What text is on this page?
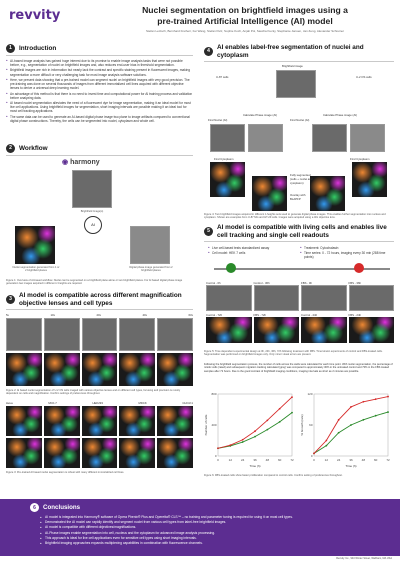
revvity	Nuclei segmentation on brightfield images using a
pre-trained Artificial Intelligence (AI) model
Stefan Letzsch, Bernhard Freiherr, Fei Wang, Stefan Pelz, Sophie Koch, Anjali Pol, Sascha Kucky, Stephanie Jansen, Jan Zeng, Alexander Schreiner
1	Introduction
● AI-based image analysis has gained huge interest due to its promise to enable image analysis tasks that were not possible before, e.g., segmentation of nuclei on brightfield images and, also reduces end-user bias in threshold segmentation.
● Brightfield images are rich in information but nearly lack the contrast and specific staining present in fluorescent images, making segmentation a more difficult or very challenging task for most image analysis software solutions.
● Here, we present data showing that a pre-trained model can segment nuclei on brightfield images with very good precision. The pre-training was done on several thousands of images from different immortalized cell lines acquired with different objective lenses to derive a universal deep learning model.
● An advantage of this method is that there is no need to invest time and computational power for AI training process and validation before analyzing data.
● AI based nuclei segmentation alleviates the need of a fluorescent dye for image segmentation, making it an ideal model for most live cell applications. Using brightfield images for segmentation, short imaging intervals are possible making it an ideal tool for most cell tracking applications.
● The same data can be used to generate an AI-based digital phase image two plane to image artifacts compared to conventional digital phase constructions. Thereby, the cells can be segmented into nuclei, cytoplasm and whole cell.
2	Workflow
◉ harmony
Brightfield Image(s)
AI
Nuclei segmentation generated from 1 or 2 brightfield planes
Digital phase image generated from 2 brightfield planes
Figure 1: Overview of AI-based workflow. Nuclei can be segmented on a brightfield plane alone or two brightfield planes. For AI based digital phase image generation two images acquired in different z-heights are required.
3	AI model is compatible across different magnification objective lenses and cell types
5x	10x	20x	40x	63x
Figure 2: AI based nuclei segmentation of U-2 OS cells imaged with various objective lenses and on different cell types, focusing and precision is mostly dependent on cells and magnification. Confirm settings of preferences throughout.
HeLa	MCF-7	HEK293	MDCK	CHO-K1
Figure 3: Pre-trained AI based nuclei segmentation is robust with many different immortalized cell lines.
4	AI enables label-free segmentation of nuclei and cytoplasm
U-87 cells
Brightfield image
U-2 OS cells
Calculate Phase image (AI)	Calculate Phase image (AI)
Find Nuclei (AI)	Find Nuclei (AI)
Find Cytoplasm	Find Cytoplasm
Fully segmented (cells + nuclei and cytoplasm)
Overlay with BLAPFP
Figure 4: Two brightfield images acquired in different z-heights sets used to generate digital phase images. This enables further segmentation into nucleus and cytoplasm. Shown are examples from U-87 MG and HT-29 cells. Images were acquired using a 40x objective lens.
5	AI model is compatible with living cells and enables live cell tracking and single cell readouts
● Live cell-based tests standardized assay
● Cell model: HEK 7 cells
● Treatment: Cytochalasin
● Time series: 0 - 72 hours, imaging every 30 min (288 time points)
Control - 0h	Control - 36h	FBS - 0h	FBS - 36h
Control - 72h	FBS - 72h	Control - 24h	FBS - 24h
Figure 5: Time dependent experimental design at 0h, 24h, 36h, 72h following treatment with FBS. Time kinetic experiments of control and FBS-treated cells. Segmentation was performed on brightfield images only. Only minor visual errors are present.
Following the brightfield segmentation process, the number of cells across the wells were calculated for each time point. With nuclei segmentation, the percentage of mitotic cells (rated) and subsequent migration tracking calculated (gray) was compared to approximately 30% in the untreated control and 70% in the FBS treated samples after 72 hours. Due to the good contrast of brightfield imaging conditions, imaging intervals as short as 2 minutes are possible.
0	12	24	36	48	60	72
0
400
800
Time (h)
Number of cells
0	12	24	36	48	60	72
0
60
120
Time (h)
% Growth (rate)
Figure 6: FBS-treated cells show faster proliferation compared to control cells. Confirm setting of preferences throughout.
6	Conclusions
● AI model is integrated into Harmony® software of Opera Phenix® Plus and Operetta® CLS™ – no training and parameter tuning is required for using it on most cell types.
● Demonstrated the AI model can rapidly identify and segment nuclei from various cell types from label-free brightfield images.
● AI model is compatible with different objectives/magnifications.
● AI-Phase images enable segmentation into cell, nucleus and the cytoplasm for advanced image analysis processing.
● This approach is ideal for live cell applications even for sensitive cell types using short imaging intervals.
● Brightfield imaging approaches expands multiplexing capabilities in combination with fluorescence channels.
Revvity Inc., 940 Winter Street, Waltham, MA USA
